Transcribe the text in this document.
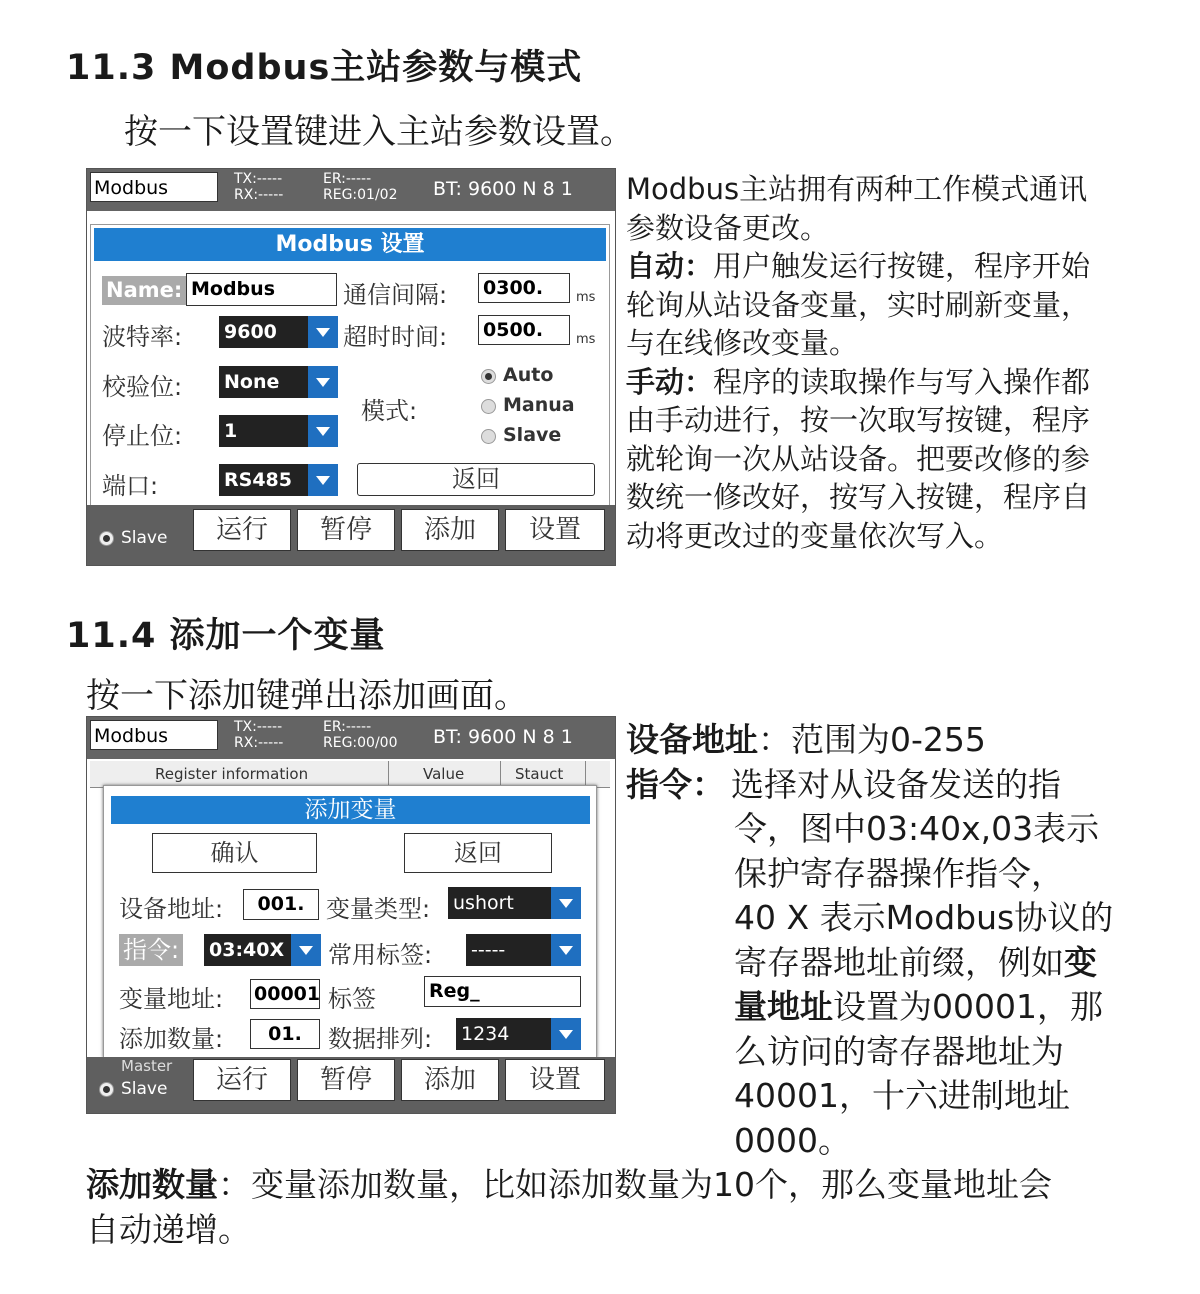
11.3 Modbus主站参数与模式
按一下设置键进入主站参数设置。
Modbus	TX:-----
RX:-----
ER:-----
REG:01/02 BT: 9600 N 8 1
Modbus 设置
Name: Modbus	通信间隔: 0300.	ms
波特率: 9600	超时时间: 0500.	ms
校验位: None
停止位: 1
模式:
Auto
Manua
Slave
端口:	RS485	返回
Slave	运行	暂停	添加	设置
Modbus主站拥有两种工作模式通讯
参数设备更改。
自动：用户触发运行按键，程序开始
轮询从站设备变量，实时刷新变量，
与在线修改变量。
手动：程序的读取操作与写入操作都
由手动进行，按一次取写按键，程序
就轮询一次从站设备。把要改修的参
数统一修改好，按写入按键，程序自
动将更改过的变量依次写入。
11.4 添加一个变量
按一下添加键弹出添加画面。
Modbus	TX:-----
RX:-----
ER:-----
REG:00/00 BT: 9600 N 8 1
Register information	Value	Stauct
添加变量
确认	返回
设备地址:	001. 变量类型: ushort
指令: 03:40X	常用标签: -----
变量地址: 00001 标签	Reg_
添加数量:	01.	数据排列: 1234
Slave	运行	暂停	添加	设置
设备地址：范围为0-255
指令： 选择对从设备发送的指
令，图中03:40x,03表示
保护寄存器操作指令，
40 X 表示Modbus协议的
寄存器地址前缀，例如变
量地址设置为00001，那
么访问的寄存器地址为
40001，十六进制地址
0000。
添加数量：变量添加数量，比如添加数量为10个，那么变量地址会
自动递增。
